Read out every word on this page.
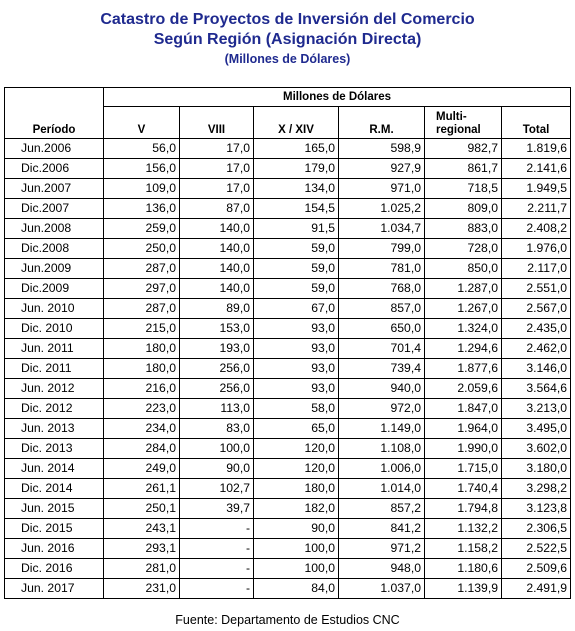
Catastro de Proyectos de Inversión del Comercio
Según Región (Asignación Directa)
(Millones de Dólares)
Período	Millones de Dólares					
	V	VIII	X / XIV	R.M.	Multi-
regional	Total
Jun.2006	56,0	17,0	165,0	598,9	982,7	1.819,6
Dic.2006	156,0	17,0	179,0	927,9	861,7	2.141,6
Jun.2007	109,0	17,0	134,0	971,0	718,5	1.949,5
Dic.2007	136,0	87,0	154,5	1.025,2	809,0	2.211,7
Jun.2008	259,0	140,0	91,5	1.034,7	883,0	2.408,2
Dic.2008	250,0	140,0	59,0	799,0	728,0	1.976,0
Jun.2009	287,0	140,0	59,0	781,0	850,0	2.117,0
Dic.2009	297,0	140,0	59,0	768,0	1.287,0	2.551,0
Jun. 2010	287,0	89,0	67,0	857,0	1.267,0	2.567,0
Dic. 2010	215,0	153,0	93,0	650,0	1.324,0	2.435,0
Jun. 2011	180,0	193,0	93,0	701,4	1.294,6	2.462,0
Dic. 2011	180,0	256,0	93,0	739,4	1.877,6	3.146,0
Jun. 2012	216,0	256,0	93,0	940,0	2.059,6	3.564,6
Dic. 2012	223,0	113,0	58,0	972,0	1.847,0	3.213,0
Jun. 2013	234,0	83,0	65,0	1.149,0	1.964,0	3.495,0
Dic. 2013	284,0	100,0	120,0	1.108,0	1.990,0	3.602,0
Jun. 2014	249,0	90,0	120,0	1.006,0	1.715,0	3.180,0
Dic. 2014	261,1	102,7	180,0	1.014,0	1.740,4	3.298,2
Jun. 2015	250,1	39,7	182,0	857,2	1.794,8	3.123,8
Dic. 2015	243,1	-	90,0	841,2	1.132,2	2.306,5
Jun. 2016	293,1	-	100,0	971,2	1.158,2	2.522,5
Dic. 2016	281,0	-	100,0	948,0	1.180,6	2.509,6
Jun. 2017	231,0	-	84,0	1.037,0	1.139,9	2.491,9
Fuente: Departamento de Estudios CNC
